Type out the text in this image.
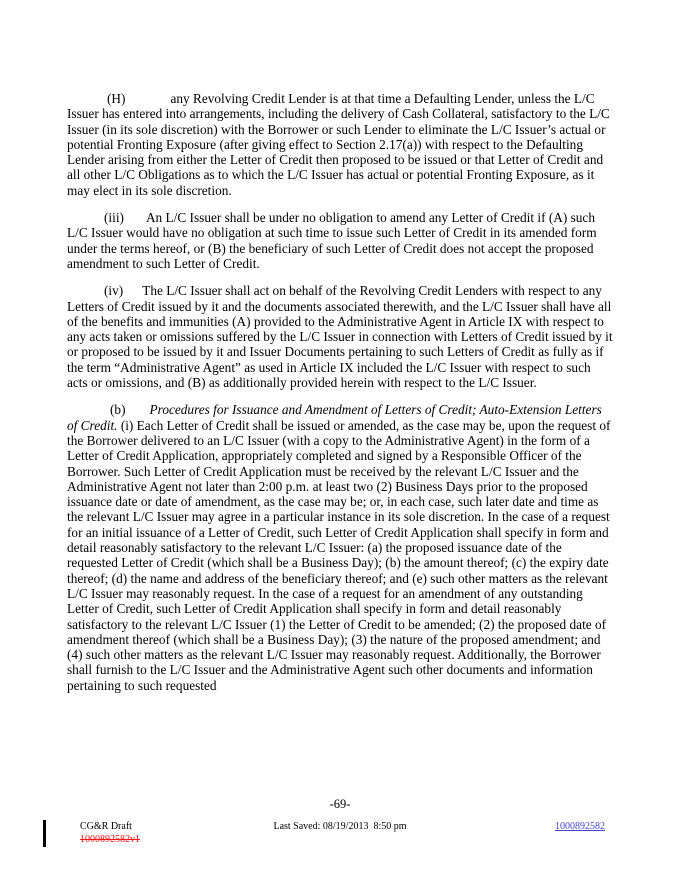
(H)	any Revolving Credit Lender is at that time a Defaulting Lender, unless the L/C Issuer has entered into arrangements, including the delivery of Cash Collateral, satisfactory to the L/C Issuer (in its sole discretion) with the Borrower or such Lender to eliminate the L/C Issuer’s actual or potential Fronting Exposure (after giving effect to Section 2.17(a)) with respect to the Defaulting Lender arising from either the Letter of Credit then proposed to be issued or that Letter of Credit and all other L/C Obligations as to which the L/C Issuer has actual or potential Fronting Exposure, as it may elect in its sole discretion.

(iii) An L/C Issuer shall be under no obligation to amend any Letter of Credit if (A) such L/C Issuer would have no obligation at such time to issue such Letter of Credit in its amended form under the terms hereof, or (B) the beneficiary of such Letter of Credit does not accept the proposed amendment to such Letter of Credit.

(iv) The L/C Issuer shall act on behalf of the Revolving Credit Lenders with respect to any Letters of Credit issued by it and the documents associated therewith, and the L/C Issuer shall have all of the benefits and immunities (A) provided to the Administrative Agent in Article IX with respect to any acts taken or omissions suffered by the L/C Issuer in connection with Letters of Credit issued by it or proposed to be issued by it and Issuer Documents pertaining to such Letters of Credit as fully as if the term “Administrative Agent” as used in Article IX included the L/C Issuer with respect to such acts or omissions, and (B) as additionally provided herein with respect to the L/C Issuer.

(b) Procedures for Issuance and Amendment of Letters of Credit; Auto-Extension Letters of Credit. (i) Each Letter of Credit shall be issued or amended, as the case may be, upon the request of the Borrower delivered to an L/C Issuer (with a copy to the Administrative Agent) in the form of a Letter of Credit Application, appropriately completed and signed by a Responsible Officer of the Borrower. Such Letter of Credit Application must be received by the relevant L/C Issuer and the Administrative Agent not later than 2:00 p.m. at least two (2) Business Days prior to the proposed issuance date or date of amendment, as the case may be; or, in each case, such later date and time as the relevant L/C Issuer may agree in a particular instance in its sole discretion. In the case of a request for an initial issuance of a Letter of Credit, such Letter of Credit Application shall specify in form and detail reasonably satisfactory to the relevant L/C Issuer: (a) the proposed issuance date of the requested Letter of Credit (which shall be a Business Day); (b) the amount thereof; (c) the expiry date thereof; (d) the name and address of the beneficiary thereof; and (e) such other matters as the relevant L/C Issuer may reasonably request. In the case of a request for an amendment of any outstanding Letter of Credit, such Letter of Credit Application shall specify in form and detail reasonably satisfactory to the relevant L/C Issuer (1) the Letter of Credit to be amended; (2) the proposed date of amendment thereof (which shall be a Business Day); (3) the nature of the proposed amendment; and (4) such other matters as the relevant L/C Issuer may reasonably request. Additionally, the Borrower shall furnish to the L/C Issuer and the Administrative Agent such other documents and information pertaining to such requested

-69-
CG&R Draft
1000892582v1
Last Saved: 08/19/2013  8:50 pm	1000892582
